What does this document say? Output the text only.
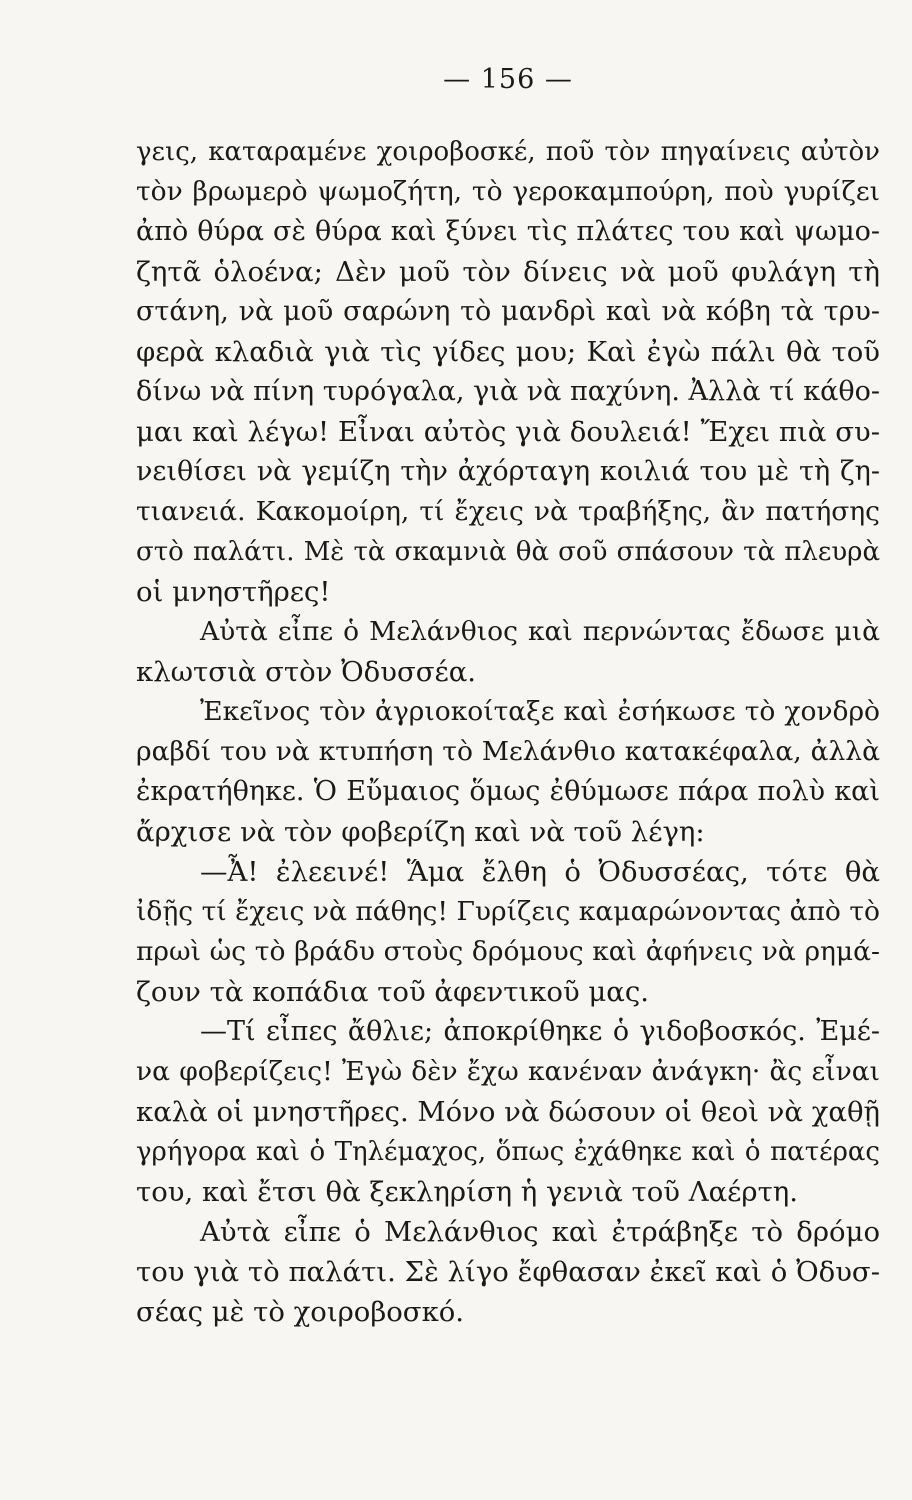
— 156 —

γεις, καταραμένε χοιροβοσκέ, ποῦ τὸν πηγαίνεις αὐτὸν

τὸν βρωμερὸ ψωμοζήτη, τὸ γεροκαμπούρη, ποὺ γυρίζει

ἀπὸ θύρα σὲ θύρα καὶ ξύνει τὶς πλάτες του καὶ ψωμο-

ζητᾶ ὁλοένα; Δὲν μοῦ τὸν δίνεις νὰ μοῦ φυλάγη τὴ

στάνη, νὰ μοῦ σαρώνη τὸ μανδρὶ καὶ νὰ κόβη τὰ τρυ-

φερὰ κλαδιὰ γιὰ τὶς γίδες μου; Καὶ ἐγὼ πάλι θὰ τοῦ

δίνω νὰ πίνη τυρόγαλα, γιὰ νὰ παχύνη. Ἀλλὰ τί κάθο-

μαι καὶ λέγω! Εἶναι αὐτὸς γιὰ δουλειά! Ἔχει πιὰ συ-

νειθίσει νὰ γεμίζη τὴν ἀχόρταγη κοιλιά του μὲ τὴ ζη-

τιανειά. Κακομοίρη, τί ἔχεις νὰ τραβήξης, ἂν πατήσης

στὸ παλάτι. Μὲ τὰ σκαμνιὰ θὰ σοῦ σπάσουν τὰ πλευρὰ

οἱ μνηστῆρες!

Αὐτὰ εἶπε ὁ Μελάνθιος καὶ περνώντας ἔδωσε μιὰ

κλωτσιὰ στὸν Ὀδυσσέα.

Ἐκεῖνος τὸν ἀγριοκοίταξε καὶ ἐσήκωσε τὸ χονδρὸ

ραβδί του νὰ κτυπήση τὸ Μελάνθιο κατακέφαλα, ἀλλὰ

ἐκρατήθηκε. Ὁ Εὔμαιος ὅμως ἐθύμωσε πάρα πολὺ καὶ

ἄρχισε νὰ τὸν φοβερίζη καὶ νὰ τοῦ λέγη:

—Ἆ! ἐλεεινέ! Ἅμα ἔλθη ὁ Ὀδυσσέας, τότε θὰ

ἰδῇς τί ἔχεις νὰ πάθης! Γυρίζεις καμαρώνοντας ἀπὸ τὸ

πρωὶ ὡς τὸ βράδυ στοὺς δρόμους καὶ ἀφήνεις νὰ ρημά-

ζουν τὰ κοπάδια τοῦ ἀφεντικοῦ μας.

—Τί εἶπες ἄθλιε; ἀποκρίθηκε ὁ γιδοβοσκός. Ἐμέ-

να φοβερίζεις! Ἐγὼ δὲν ἔχω κανέναν ἀνάγκη· ἂς εἶναι

καλὰ οἱ μνηστῆρες. Μόνο νὰ δώσουν οἱ θεοὶ νὰ χαθῇ

γρήγορα καὶ ὁ Τηλέμαχος, ὅπως ἐχάθηκε καὶ ὁ πατέρας

του, καὶ ἔτσι θὰ ξεκληρίση ἡ γενιὰ τοῦ Λαέρτη.

Αὐτὰ εἶπε ὁ Μελάνθιος καὶ ἐτράβηξε τὸ δρόμο

του γιὰ τὸ παλάτι. Σὲ λίγο ἔφθασαν ἐκεῖ καὶ ὁ Ὀδυσ-

σέας μὲ τὸ χοιροβοσκό.
